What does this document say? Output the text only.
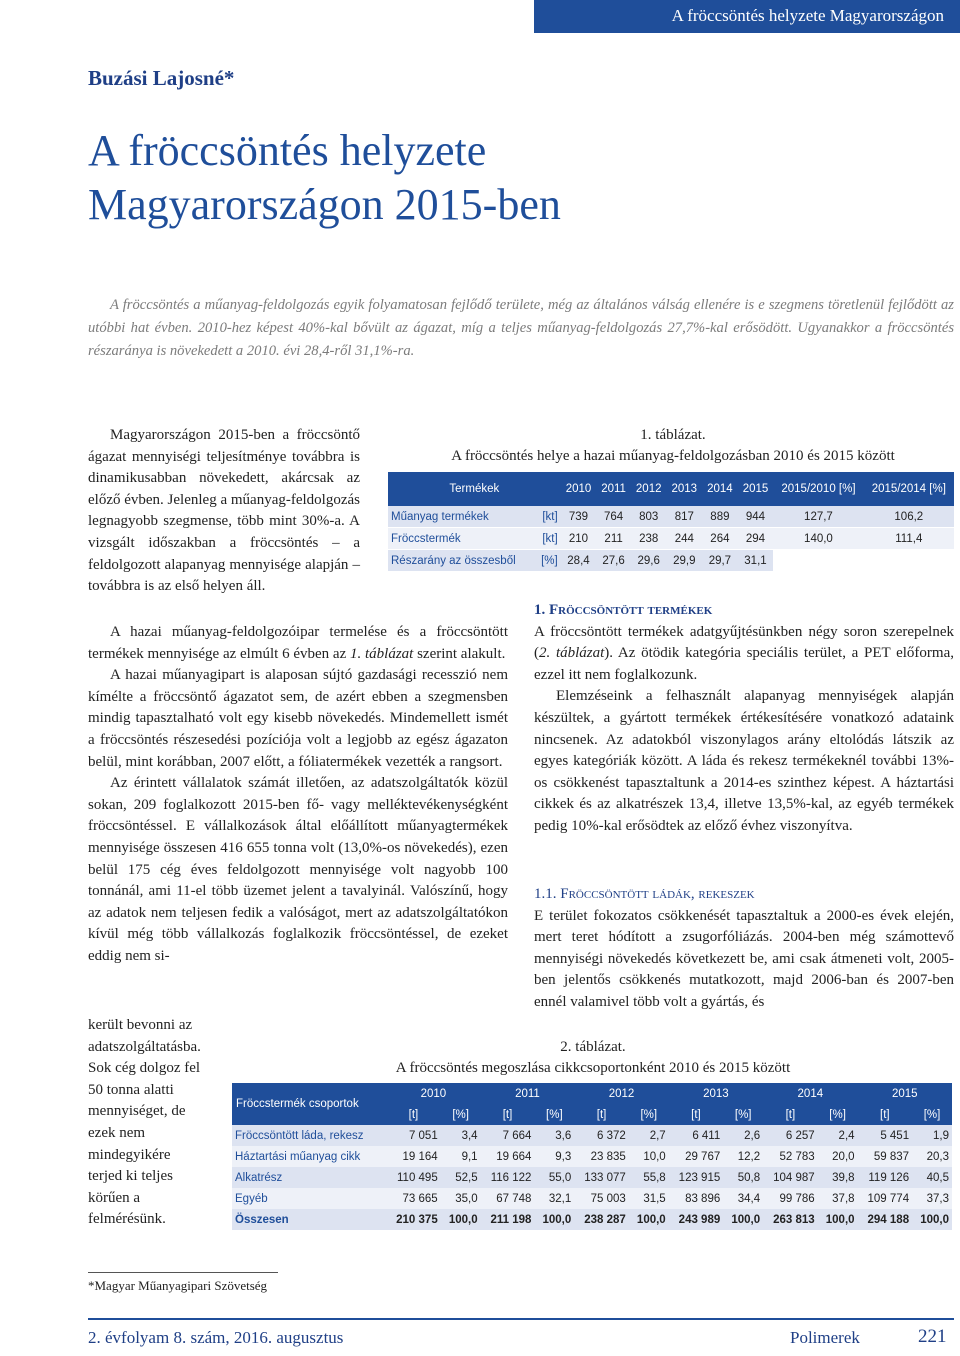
A fröccsöntés helyzete Magyarországon
Buzási Lajosné*
A fröccsöntés helyzete
Magyarországon 2015-ben
A fröccsöntés a műanyag-feldolgozás egyik folyamatosan fejlődő területe, még az általános válság ellenére is e szegmens töretlenül fejlődött az utóbbi hat évben. 2010-hez képest 40%-kal bővült az ágazat, míg a teljes műanyag-feldolgozás 27,7%-kal erősödött. Ugyanakkor a fröccsöntés részaránya is növekedett a 2010. évi 28,4-ről 31,1%-ra.

Magyarországon 2015-ben a fröccsöntő ágazat mennyiségi teljesítménye továbbra is dinamikusabban növekedett, akárcsak az előző évben. Jelenleg a műanyag-feldolgozás legnagyobb szegmense, több mint 30%-a. A vizsgált időszakban a fröccsöntés – a feldolgozott alapanyag mennyisége alapján – továbbra is az első helyen áll.

A hazai műanyag-feldolgozóipar termelése és a fröccsöntött termékek mennyisége az elmúlt 6 évben az 1. táblázat szerint alakult.

A hazai műanyagipart is alaposan sújtó gazdasági recesszió nem kímélte a fröccsöntő ágazatot sem, de azért ebben a szegmensben mindig tapasztalható volt egy kisebb növekedés. Mindemellett ismét a fröccsöntés részesedési pozíciója volt a legjobb az egész ágazaton belül, mint korábban, 2007 előtt, a fóliatermékek vezették a rangsort.

Az érintett vállalatok számát illetően, az adatszolgáltatók közül sokan, 209 foglalkozott 2015-ben fő- vagy melléktevékenységként fröccsöntéssel. E vállalkozások által előállított műanyagtermékek mennyisége összesen 416 655 tonna volt (13,0%-os növekedés), ezen belül 175 cég éves feldolgozott mennyisége volt nagyobb 100 tonnánál, ami 11-el több üzemet jelent a tavalyinál. Valószínű, hogy az adatok nem teljesen fedik a valóságot, mert az adatszolgáltatókon kívül még több vállalkozás foglalkozik fröccsöntéssel, de ezeket eddig nem si-

került bevonni az adatszolgáltatásba. Sok cég dolgoz fel 50 tonna alatti mennyiséget, de ezek nem mindegyikére terjed ki teljes körűen a felmérésünk.

1. táblázat.
A fröccsöntés helye a hazai műanyag-feldolgozásban 2010 és 2015 között
Termékek		2010	2011	2012	2013	2014	2015	2015/2010 [%]	2015/2014 [%]
Műanyag termékek	[kt]	739	764	803	817	889	944	127,7	106,2
Fröccstermék	[kt]	210	211	238	244	264	294	140,0	111,4
Részarány az összesből	[%]	28,4	27,6	29,6	29,9	29,7	31,1		

1. Fröccsöntött termékek

A fröccsöntött termékek adatgyűjtésünkben négy soron szerepelnek (2. táblázat). Az ötödik kategória speciális terület, a PET előforma, ezzel itt nem foglalkozunk.

Elemzéseink a felhasznált alapanyag mennyiségek alapján készültek, a gyártott termékek értékesítésére vonatkozó adataink nincsenek. Az adatokból viszonylagos arány eltolódás látszik az egyes kategóriák között. A láda és rekesz termékeknél további 13%-os csökkenést tapasztaltunk a 2014-es szinthez képest. A háztartási cikkek és az alkatrészek 13,4, illetve 13,5%-kal, az egyéb termékek pedig 10%-kal erősödtek az előző évhez viszonyítva.

1.1. Fröccsöntött ládák, rekeszek

E terület fokozatos csökkenését tapasztaltuk a 2000-es évek elején, mert teret hódított a zsugorfóliázás. 2004-ben még számottevő mennyiségi növekedés következett be, ami csak átmeneti volt, 2005-ben jelentős csökkenés mutatkozott, majd 2006-ban és 2007-ben ennél valamivel több volt a gyártás, és

2. táblázat.
A fröccsöntés megoszlása cikkcsoportonként 2010 és 2015 között
Fröccstermék csoportok	2010		2011		2012		2013		2014		2015	
	[t]	[%]	[t]	[%]	[t]	[%]	[t]	[%]	[t]	[%]	[t]	[%]
Fröccsöntött láda, rekesz	7 051	3,4	7 664	3,6	6 372	2,7	6 411	2,6	6 257	2,4	5 451	1,9
Háztartási műanyag cikk	19 164	9,1	19 664	9,3	23 835	10,0	29 767	12,2	52 783	20,0	59 837	20,3
Alkatrész	110 495	52,5	116 122	55,0	133 077	55,8	123 915	50,8	104 987	39,8	119 126	40,5
Egyéb	73 665	35,0	67 748	32,1	75 003	31,5	83 896	34,4	99 786	37,8	109 774	37,3
Összesen	210 375	100,0	211 198	100,0	238 287	100,0	243 989	100,0	263 813	100,0	294 188	100,0
*Magyar Műanyagipari Szövetség
2. évfolyam 8. szám, 2016. augusztus	Polimerek	221
